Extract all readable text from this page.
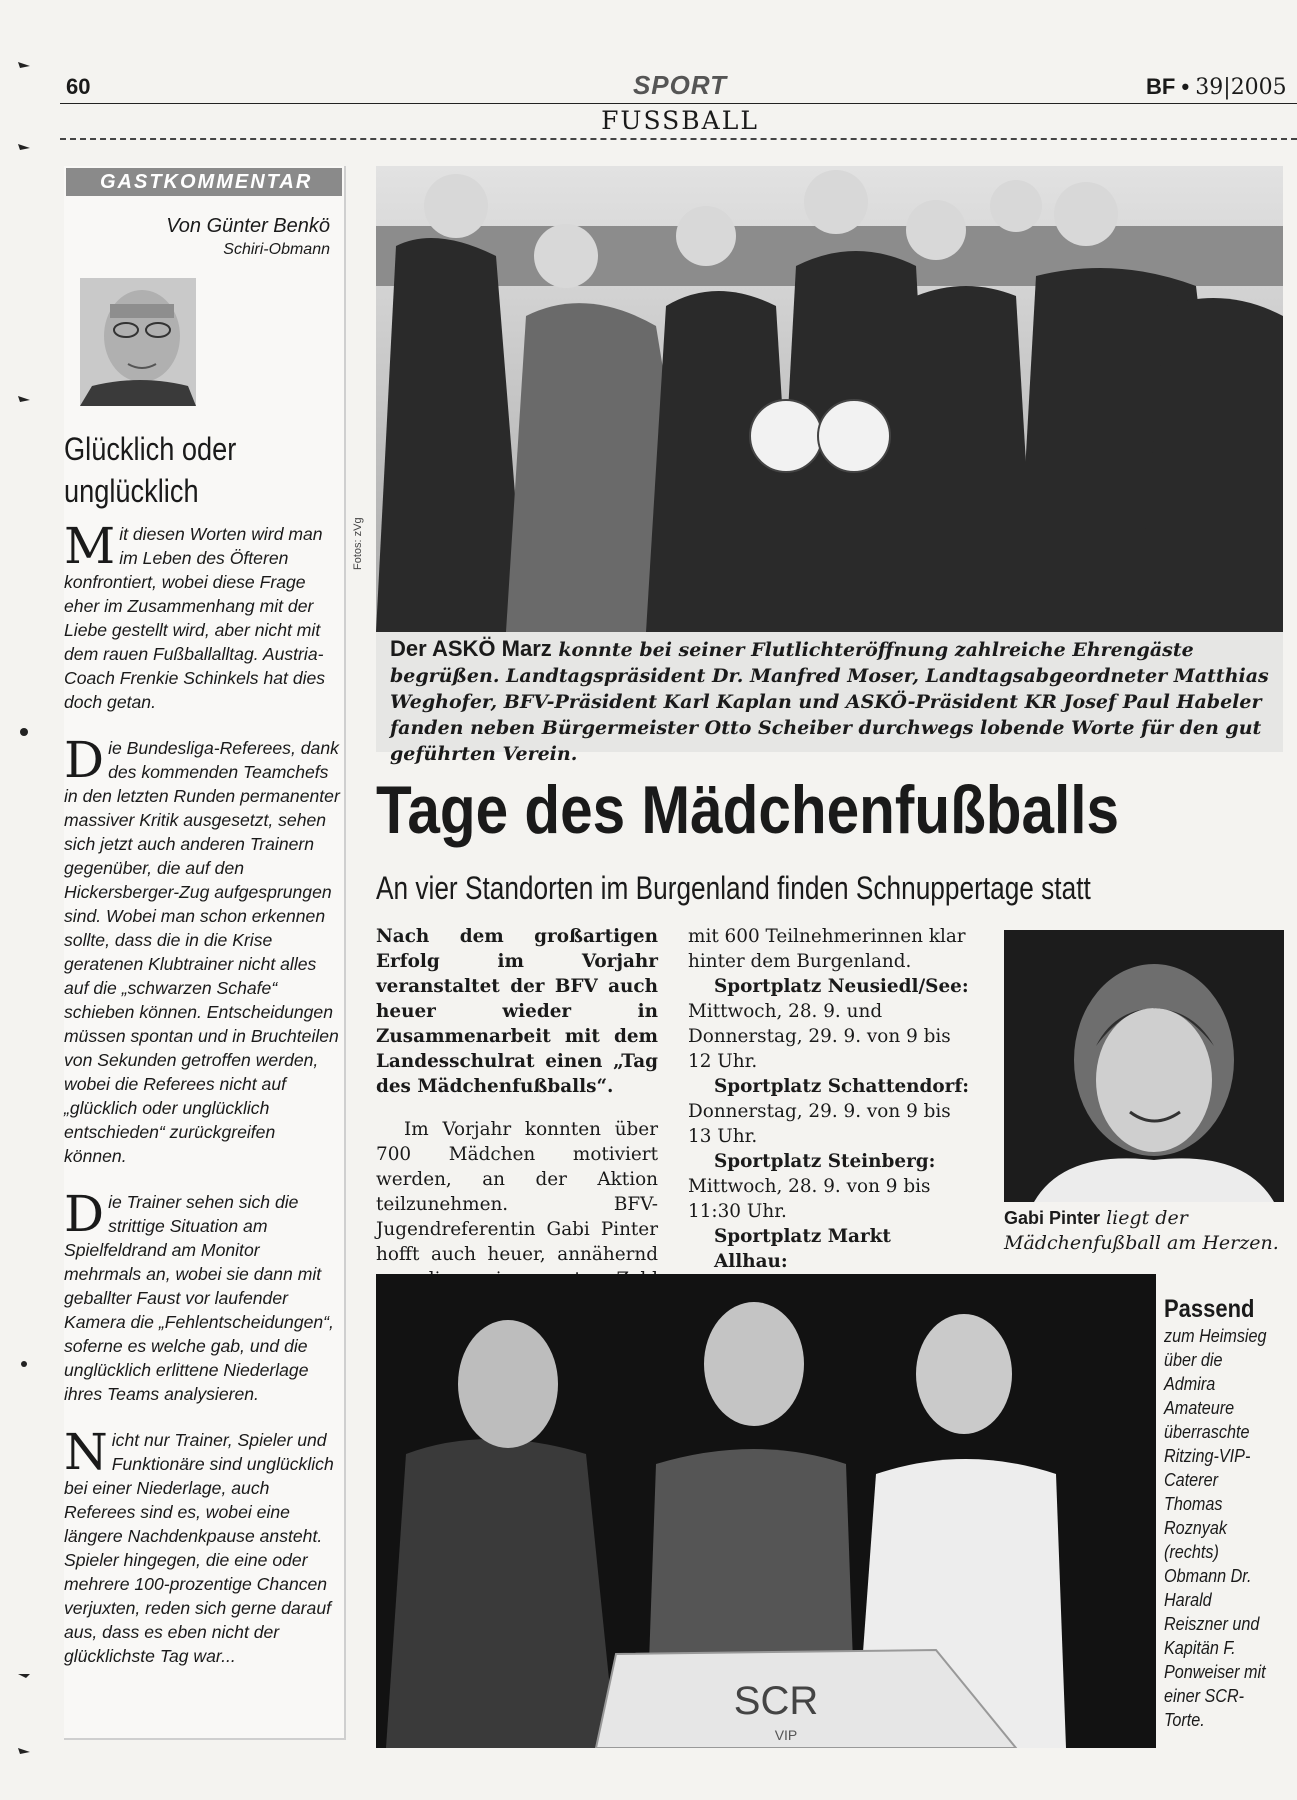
60	SPORT	BF • 39|2005
FUSSBALL
GASTKOMMENTAR
Von Günter Benkö
Schiri-Obmann
Glücklich oder unglücklich

Mit diesen Worten wird man im Leben des Öfteren konfrontiert, wobei diese Frage eher im Zusammenhang mit der Liebe gestellt wird, aber nicht mit dem rauen Fußballalltag. Austria-Coach Frenkie Schinkels hat dies doch getan.

Die Bundesliga-Referees, dank des kommenden Teamchefs in den letzten Runden permanenter massiver Kritik ausgesetzt, sehen sich jetzt auch anderen Trainern gegenüber, die auf den Hickersberger-Zug aufgesprungen sind. Wobei man schon erkennen sollte, dass die in die Krise geratenen Klubtrainer nicht alles auf die „schwarzen Schafe“ schieben können. Entscheidungen müssen spontan und in Bruchteilen von Sekunden getroffen werden, wobei die Referees nicht auf „glücklich oder unglücklich entschieden“ zurückgreifen können.

Die Trainer sehen sich die strittige Situation am Spielfeldrand am Monitor mehrmals an, wobei sie dann mit geballter Faust vor laufender Kamera die „Fehlentscheidungen“, soferne es welche gab, und die unglücklich erlittene Niederlage ihres Teams analysieren.

Nicht nur Trainer, Spieler und Funktionäre sind unglücklich bei einer Niederlage, auch Referees sind es, wobei eine längere Nachdenkpause ansteht. Spieler hingegen, die eine oder mehrere 100-prozentige Chancen verjuxten, reden sich gerne darauf aus, dass es eben nicht der glücklichste Tag war...

Fotos: zVg
Der ASKÖ Marz konnte bei seiner Flutlichteröffnung zahlreiche Ehrengäste begrüßen. Landtagspräsident Dr. Manfred Moser, Landtagsabgeordneter Matthias Weghofer, BFV-Präsident Karl Kaplan und ASKÖ-Präsident KR Josef Paul Habeler fanden neben Bürgermeister Otto Scheiber durchwegs lobende Worte für den gut geführten Verein.
Tage des Mädchenfußballs
An vier Standorten im Burgenland finden Schnuppertage statt

Nach dem großartigen Erfolg im Vorjahr veranstaltet der BFV auch heuer wieder in Zusammenarbeit mit dem Landesschulrat einen „Tag des Mädchenfußballs“.

Im Vorjahr konnten über 700 Mädchen motiviert werden, an der Aktion teilzunehmen. BFV-Jugendreferentin Gabi Pinter hofft auch heuer, annähernd

mit 600 Teilnehmerinnen klar hinter dem Burgenland.

Sportplatz Neusiedl/See:
Mittwoch, 28. 9. und Donnerstag, 29. 9. von 9 bis 12 Uhr.

Sportplatz Schattendorf:
Donnerstag, 29. 9. von 9 bis 13 Uhr.

Sportplatz Steinberg:
Mittwoch, 28. 9. von 9 bis 11:30 Uhr.

Sportplatz Markt Allhau:

Gabi Pinter liegt der Mädchenfußball am Herzen.
SCR
VIP
Passend
zum Heimsieg über die Admira Amateure überraschte Ritzing-VIP-Caterer Thomas Roznyak (rechts) Obmann Dr. Harald Reiszner und Kapitän F. Ponweiser mit einer SCR-Torte.
